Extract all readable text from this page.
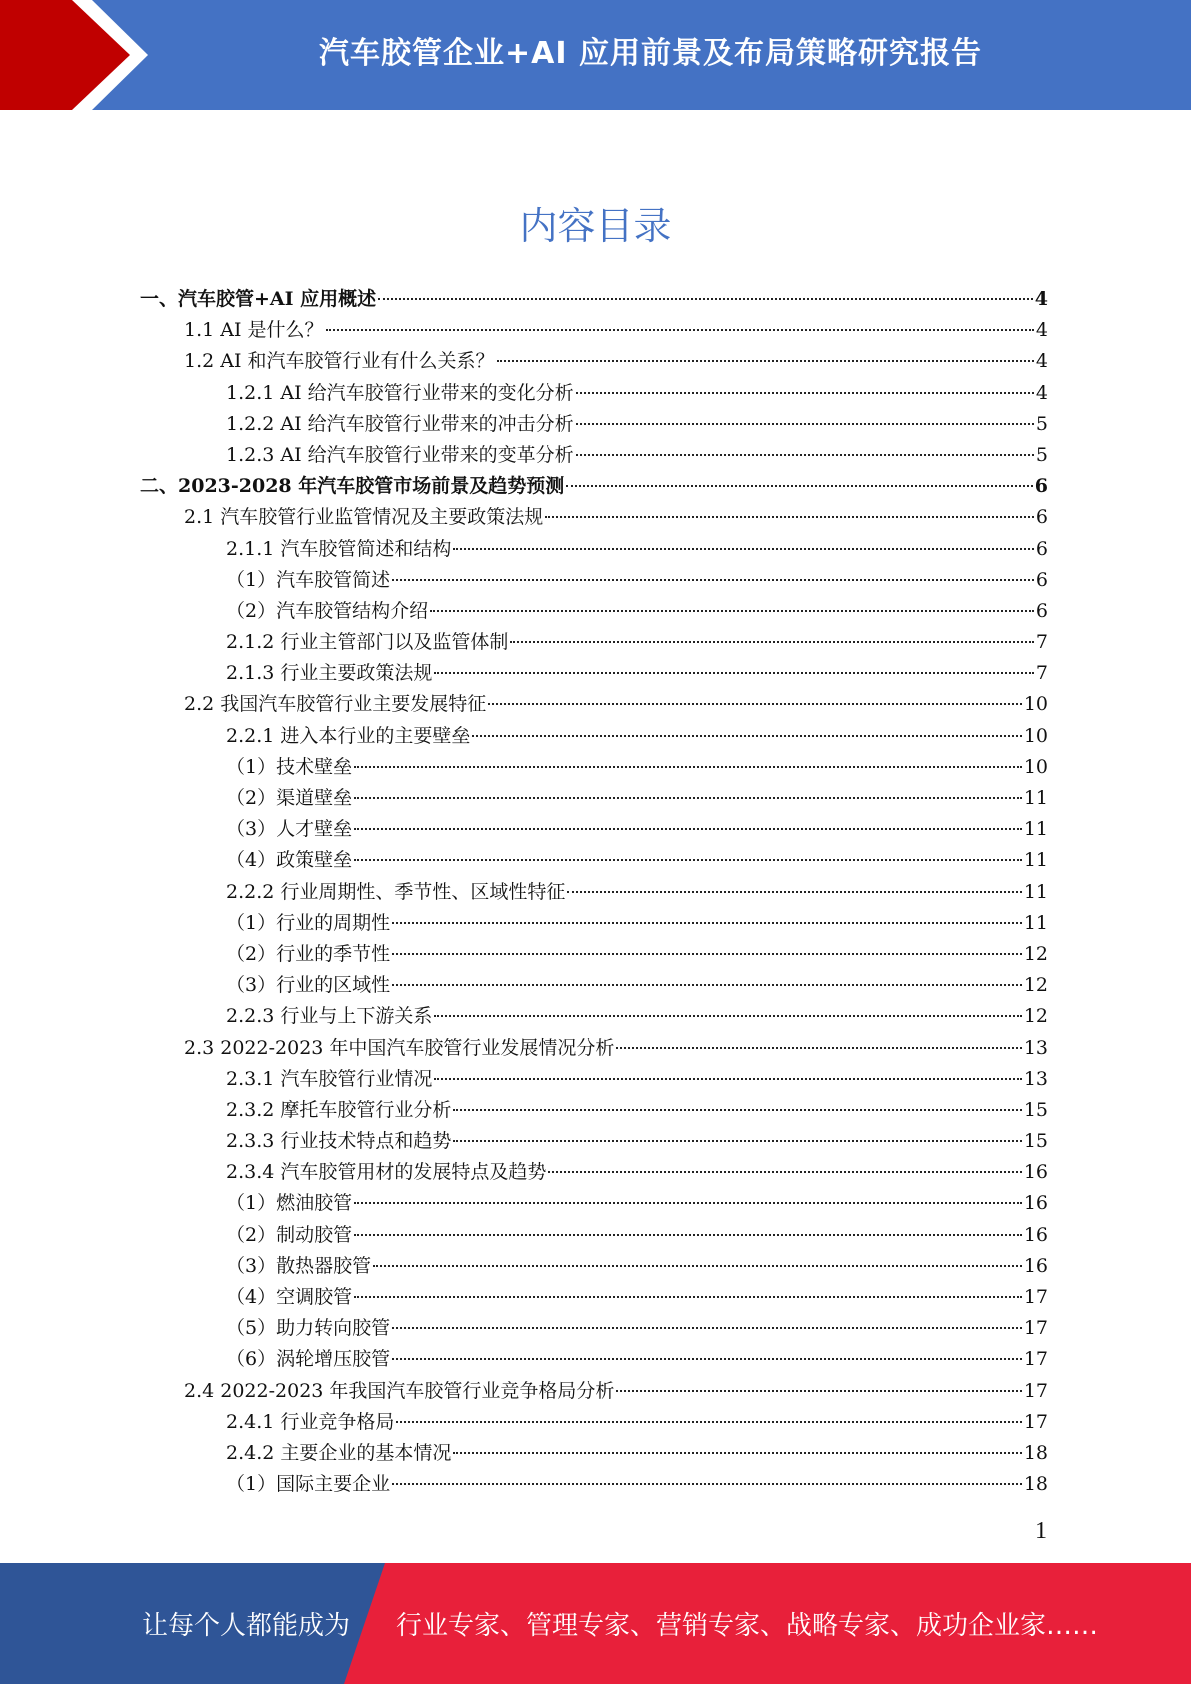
汽车胶管企业+AI 应用前景及布局策略研究报告
内容目录
一、汽车胶管+AI 应用概述	4
1.1 AI 是什么？	4
1.2 AI 和汽车胶管行业有什么关系？	4
1.2.1 AI 给汽车胶管行业带来的变化分析	4
1.2.2 AI 给汽车胶管行业带来的冲击分析	5
1.2.3 AI 给汽车胶管行业带来的变革分析	5
二、2023-2028 年汽车胶管市场前景及趋势预测	6
2.1 汽车胶管行业监管情况及主要政策法规	6
2.1.1 汽车胶管简述和结构	6
（1）汽车胶管简述	6
（2）汽车胶管结构介绍	6
2.1.2 行业主管部门以及监管体制	7
2.1.3 行业主要政策法规	7
2.2 我国汽车胶管行业主要发展特征	10
2.2.1 进入本行业的主要壁垒	10
（1）技术壁垒	10
（2）渠道壁垒	11
（3）人才壁垒	11
（4）政策壁垒	11
2.2.2 行业周期性、季节性、区域性特征	11
（1）行业的周期性	11
（2）行业的季节性	12
（3）行业的区域性	12
2.2.3 行业与上下游关系	12
2.3 2022-2023 年中国汽车胶管行业发展情况分析	13
2.3.1 汽车胶管行业情况	13
2.3.2 摩托车胶管行业分析	15
2.3.3 行业技术特点和趋势	15
2.3.4 汽车胶管用材的发展特点及趋势	16
（1）燃油胶管	16
（2）制动胶管	16
（3）散热器胶管	16
（4）空调胶管	17
（5）助力转向胶管	17
（6）涡轮增压胶管	17
2.4 2022-2023 年我国汽车胶管行业竞争格局分析	17
2.4.1 行业竞争格局	17
2.4.2 主要企业的基本情况	18
（1）国际主要企业	18
1
让每个人都能成为 行业专家、管理专家、营销专家、战略专家、成功企业家……
